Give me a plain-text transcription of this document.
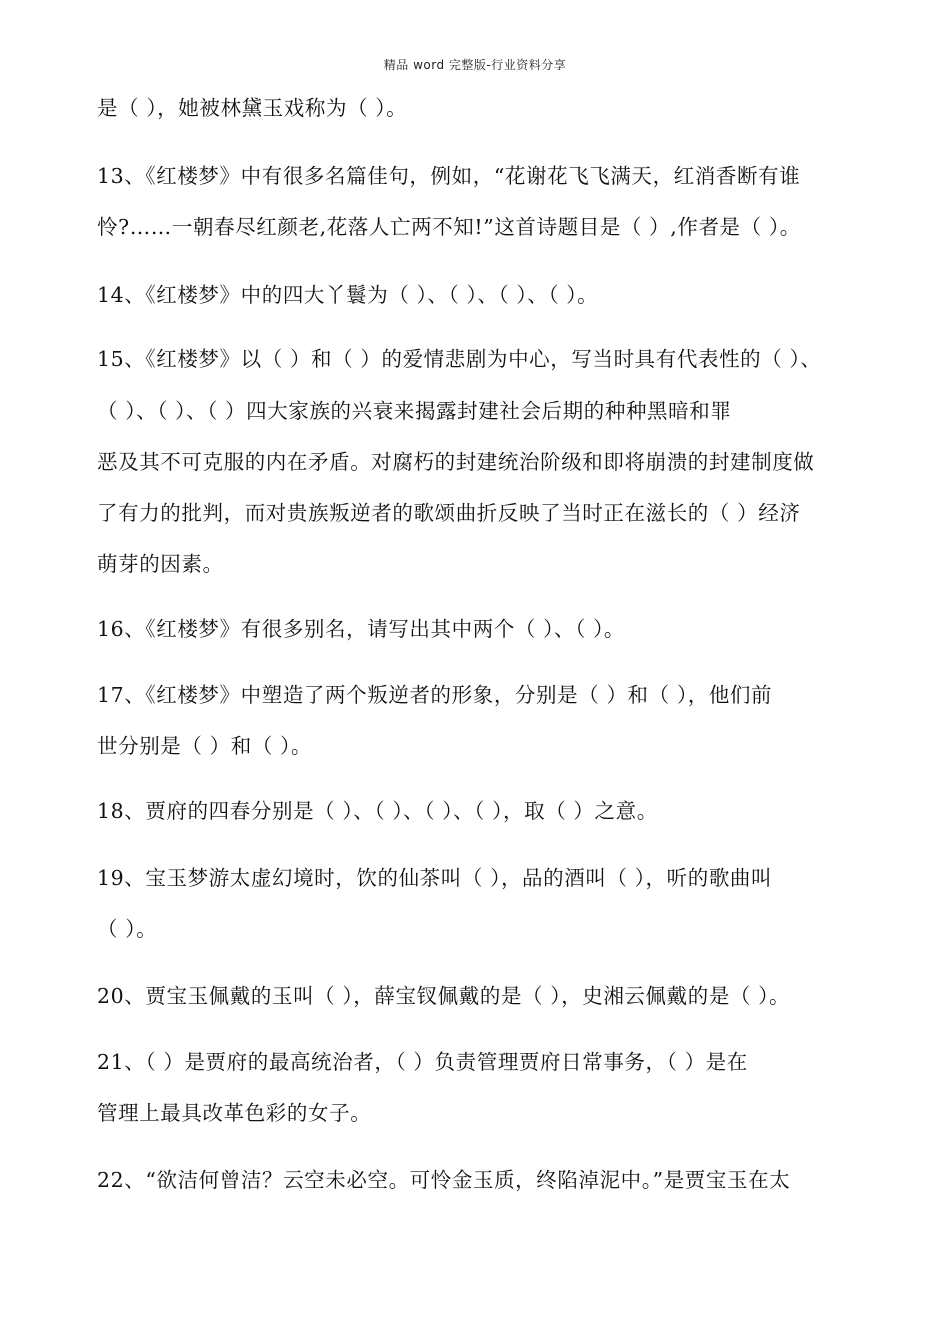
精品 word 完整版-行业资料分享
是（ ），她被林黛玉戏称为（ ）。
13、《红楼梦》中有很多名篇佳句，例如，“花谢花飞飞满天，红消香断有谁
怜?……一朝春尽红颜老,花落人亡两不知!”这首诗题目是（ ）,作者是（ ）。
14、《红楼梦》中的四大丫鬟为（ ）、（ ）、（ ）、（ ）。
15、《红楼梦》以（ ）和（ ）的爱情悲剧为中心，写当时具有代表性的（ ）、
（ ）、（ ）、（ ）四大家族的兴衰来揭露封建社会后期的种种黑暗和罪
恶及其不可克服的内在矛盾。对腐朽的封建统治阶级和即将崩溃的封建制度做
了有力的批判，而对贵族叛逆者的歌颂曲折反映了当时正在滋长的（ ）经济
萌芽的因素。
16、《红楼梦》有很多别名，请写出其中两个（ ）、（ ）。
17、《红楼梦》中塑造了两个叛逆者的形象，分别是（ ）和（ ），他们前
世分别是（ ）和（ ）。
18、贾府的四春分别是（ ）、（ ）、（ ）、（ ），取（ ）之意。
19、宝玉梦游太虚幻境时，饮的仙茶叫（ ），品的酒叫（ ），听的歌曲叫
（ ）。
20、贾宝玉佩戴的玉叫（ ），薛宝钗佩戴的是（ ），史湘云佩戴的是（ ）。
21、（ ）是贾府的最高统治者，（ ）负责管理贾府日常事务，（ ）是在
管理上最具改革色彩的女子。
22、“欲洁何曾洁？云空未必空。可怜金玉质，终陷淖泥中。”是贾宝玉在太
